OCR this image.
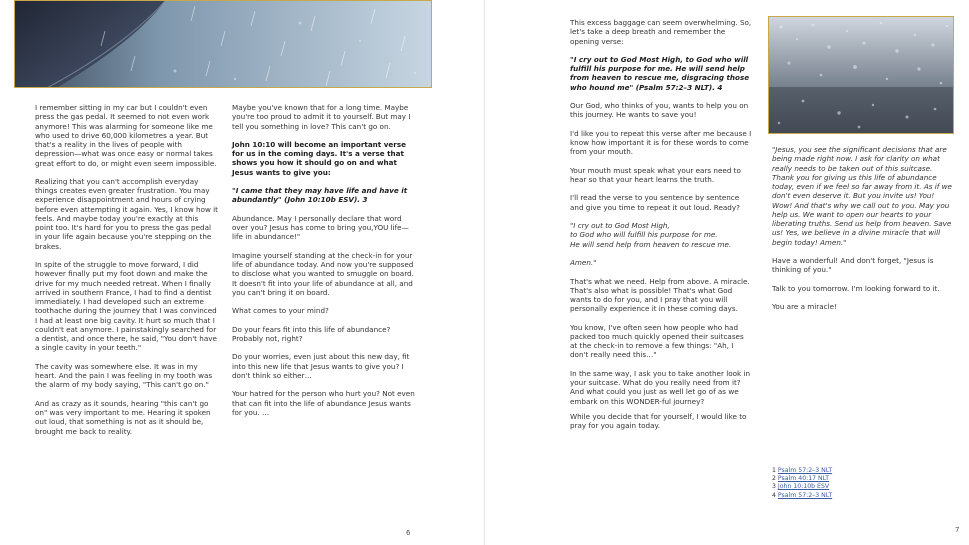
I remember sitting in my car but I couldn't even press the gas pedal. It seemed to not even work anymore! This was alarming for someone like me who used to drive 60,000 kilometres a year. But that's a reality in the lives of people with depression—what was once easy or normal takes great effort to do, or might even seem impossible.

Realizing that you can't accomplish everyday things creates even greater frustration. You may experience disappointment and hours of crying before even attempting it again. Yes, I know how it feels. And maybe today you're exactly at this point too. It's hard for you to press the gas pedal in your life again because you're stepping on the brakes.

In spite of the struggle to move forward, I did however finally put my foot down and make the drive for my much needed retreat. When I finally arrived in southern France, I had to find a dentist immediately. I had developed such an extreme toothache during the journey that I was convinced I had at least one big cavity. It hurt so much that I couldn't eat anymore. I painstakingly searched for a dentist, and once there, he said, "You don't have a single cavity in your teeth."

The cavity was somewhere else. It was in my heart. And the pain I was feeling in my tooth was the alarm of my body saying, "This can't go on."

And as crazy as it sounds, hearing "this can't go on" was very important to me. Hearing it spoken out loud, that something is not as it should be, brought me back to reality.

Maybe you've known that for a long time. Maybe you're too proud to admit it to yourself. But may I tell you something in love? This can't go on.

John 10:10 will become an important verse for us in the coming days. It's a verse that shows you how it should go on and what Jesus wants to give you:

"I came that they may have life and have it abundantly" (John 10:10b ESV). 3

Abundance. May I personally declare that word over you? Jesus has come to bring you,YOU life—life in abundance!"

Imagine yourself standing at the check-in for your life of abundance today. And now you're supposed to disclose what you wanted to smuggle on board. It doesn't fit into your life of abundance at all, and you can't bring it on board.

What comes to your mind?

Do your fears fit into this life of abundance? Probably not, right?

Do your worries, even just about this new day, fit into this new life that Jesus wants to give you? I don't think so either…

Your hatred for the person who hurt you? Not even that can fit into the life of abundance Jesus wants for you. …

6

This excess baggage can seem overwhelming. So, let's take a deep breath and remember the opening verse:

"I cry out to God Most High, to God who will fulfill his purpose for me. He will send help from heaven to rescue me, disgracing those who hound me" (Psalm 57:2–3 NLT). 4

Our God, who thinks of you, wants to help you on this journey. He wants to save you!

I'd like you to repeat this verse after me because I know how important it is for these words to come from your mouth.

Your mouth must speak what your ears need to hear so that your heart learns the truth.

I'll read the verse to you sentence by sentence and give you time to repeat it out loud. Ready?

"I cry out to God Most High,
to God who will fulfill his purpose for me.
He will send help from heaven to rescue me.

Amen."

That's what we need. Help from above. A miracle. That's also what is possible! That's what God wants to do for you, and I pray that you will personally experience it in these coming days.

You know, I've often seen how people who had packed too much quickly opened their suitcases at the check-in to remove a few things: "Ah, I don't really need this…"

In the same way, I ask you to take another look in your suitcase. What do you really need from it? And what could you just as well let go of as we embark on this WONDER-ful journey?

While you decide that for yourself, I would like to pray for you again today.

"Jesus, you see the significant decisions that are being made right now. I ask for clarity on what really needs to be taken out of this suitcase. Thank you for giving us this life of abundance today, even if we feel so far away from it. As if we don't even deserve it. But you invite us! You! Wow! And that's why we call out to you. May you help us. We want to open our hearts to your liberating truths. Send us help from heaven. Save us! Yes, we believe in a divine miracle that will begin today! Amen."

Have a wonderful! And don't forget, "Jesus is thinking of you."

Talk to you tomorrow. I'm looking forward to it.

You are a miracle!

1 Psalm 57:2–3 NLT
2 Psalm 40:17 NLT
3 John 10:10b ESV
4 Psalm 57:2–3 NLT
7
